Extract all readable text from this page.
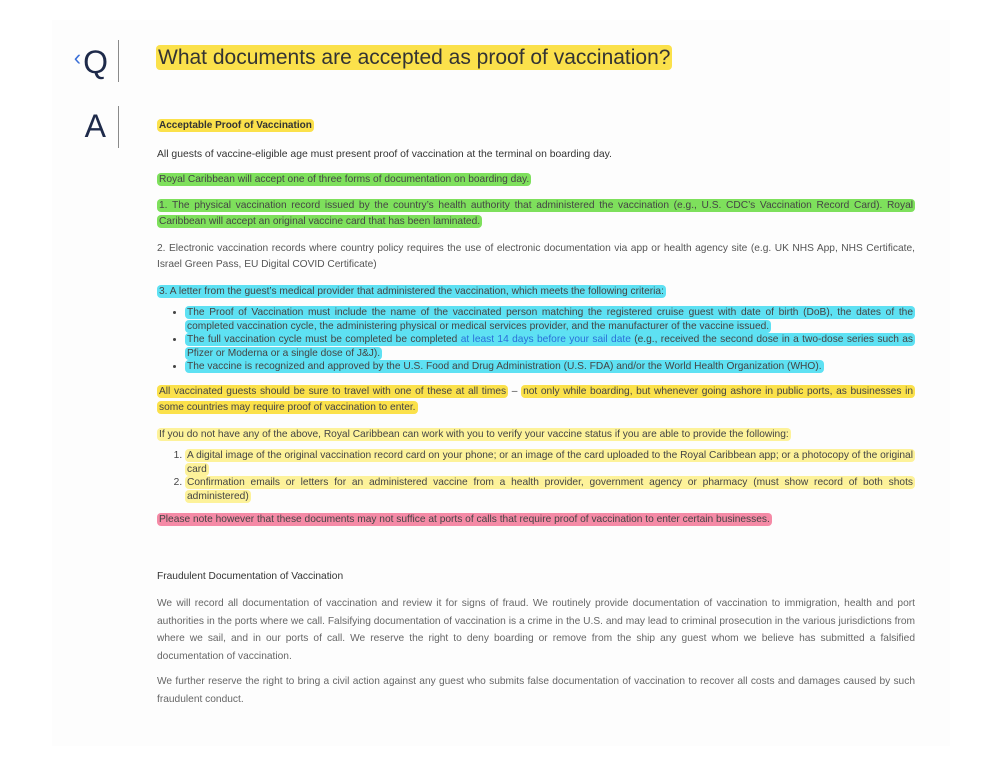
‹ Q What documents are accepted as proof of vaccination?
A	Acceptable Proof of Vaccination

All guests of vaccine-eligible age must present proof of vaccination at the terminal on boarding day.

Royal Caribbean will accept one of three forms of documentation on boarding day.

1. The physical vaccination record issued by the country’s health authority that administered the vaccination (e.g., U.S. CDC’s Vaccination Record Card). Royal Caribbean will accept an original vaccine card that has been laminated.

2. Electronic vaccination records where country policy requires the use of electronic documentation via app or health agency site (e.g. UK NHS App, NHS Certificate, Israel Green Pass, EU Digital COVID Certificate)

3. A letter from the guest’s medical provider that administered the vaccination, which meets the following criteria:

• The Proof of Vaccination must include the name of the vaccinated person matching the registered cruise guest with date of birth (DoB), the dates of the completed vaccination cycle, the administering physical or medical services provider, and the manufacturer of the vaccine issued.
• The full vaccination cycle must be completed be completed at least 14 days before your sail date (e.g., received the second dose in a two-dose series such as Pfizer or Moderna or a single dose of J&J).
• The vaccine is recognized and approved by the U.S. Food and Drug Administration (U.S. FDA) and/or the World Health Organization (WHO).

All vaccinated guests should be sure to travel with one of these at all times – not only while boarding, but whenever going ashore in public ports, as businesses in some countries may require proof of vaccination to enter.

If you do not have any of the above, Royal Caribbean can work with you to verify your vaccine status if you are able to provide the following:

1. A digital image of the original vaccination record card on your phone; or an image of the card uploaded to the Royal Caribbean app; or a photocopy of the original card
2. Confirmation emails or letters for an administered vaccine from a health provider, government agency or pharmacy (must show record of both shots administered)

Please note however that these documents may not suffice at ports of calls that require proof of vaccination to enter certain businesses.

Fraudulent Documentation of Vaccination

We will record all documentation of vaccination and review it for signs of fraud. We routinely provide documentation of vaccination to immigration, health and port authorities in the ports where we call. Falsifying documentation of vaccination is a crime in the U.S. and may lead to criminal prosecution in the various jurisdictions from where we sail, and in our ports of call. We reserve the right to deny boarding or remove from the ship any guest whom we believe has submitted a falsified documentation of vaccination.

We further reserve the right to bring a civil action against any guest who submits false documentation of vaccination to recover all costs and damages caused by such fraudulent conduct.
